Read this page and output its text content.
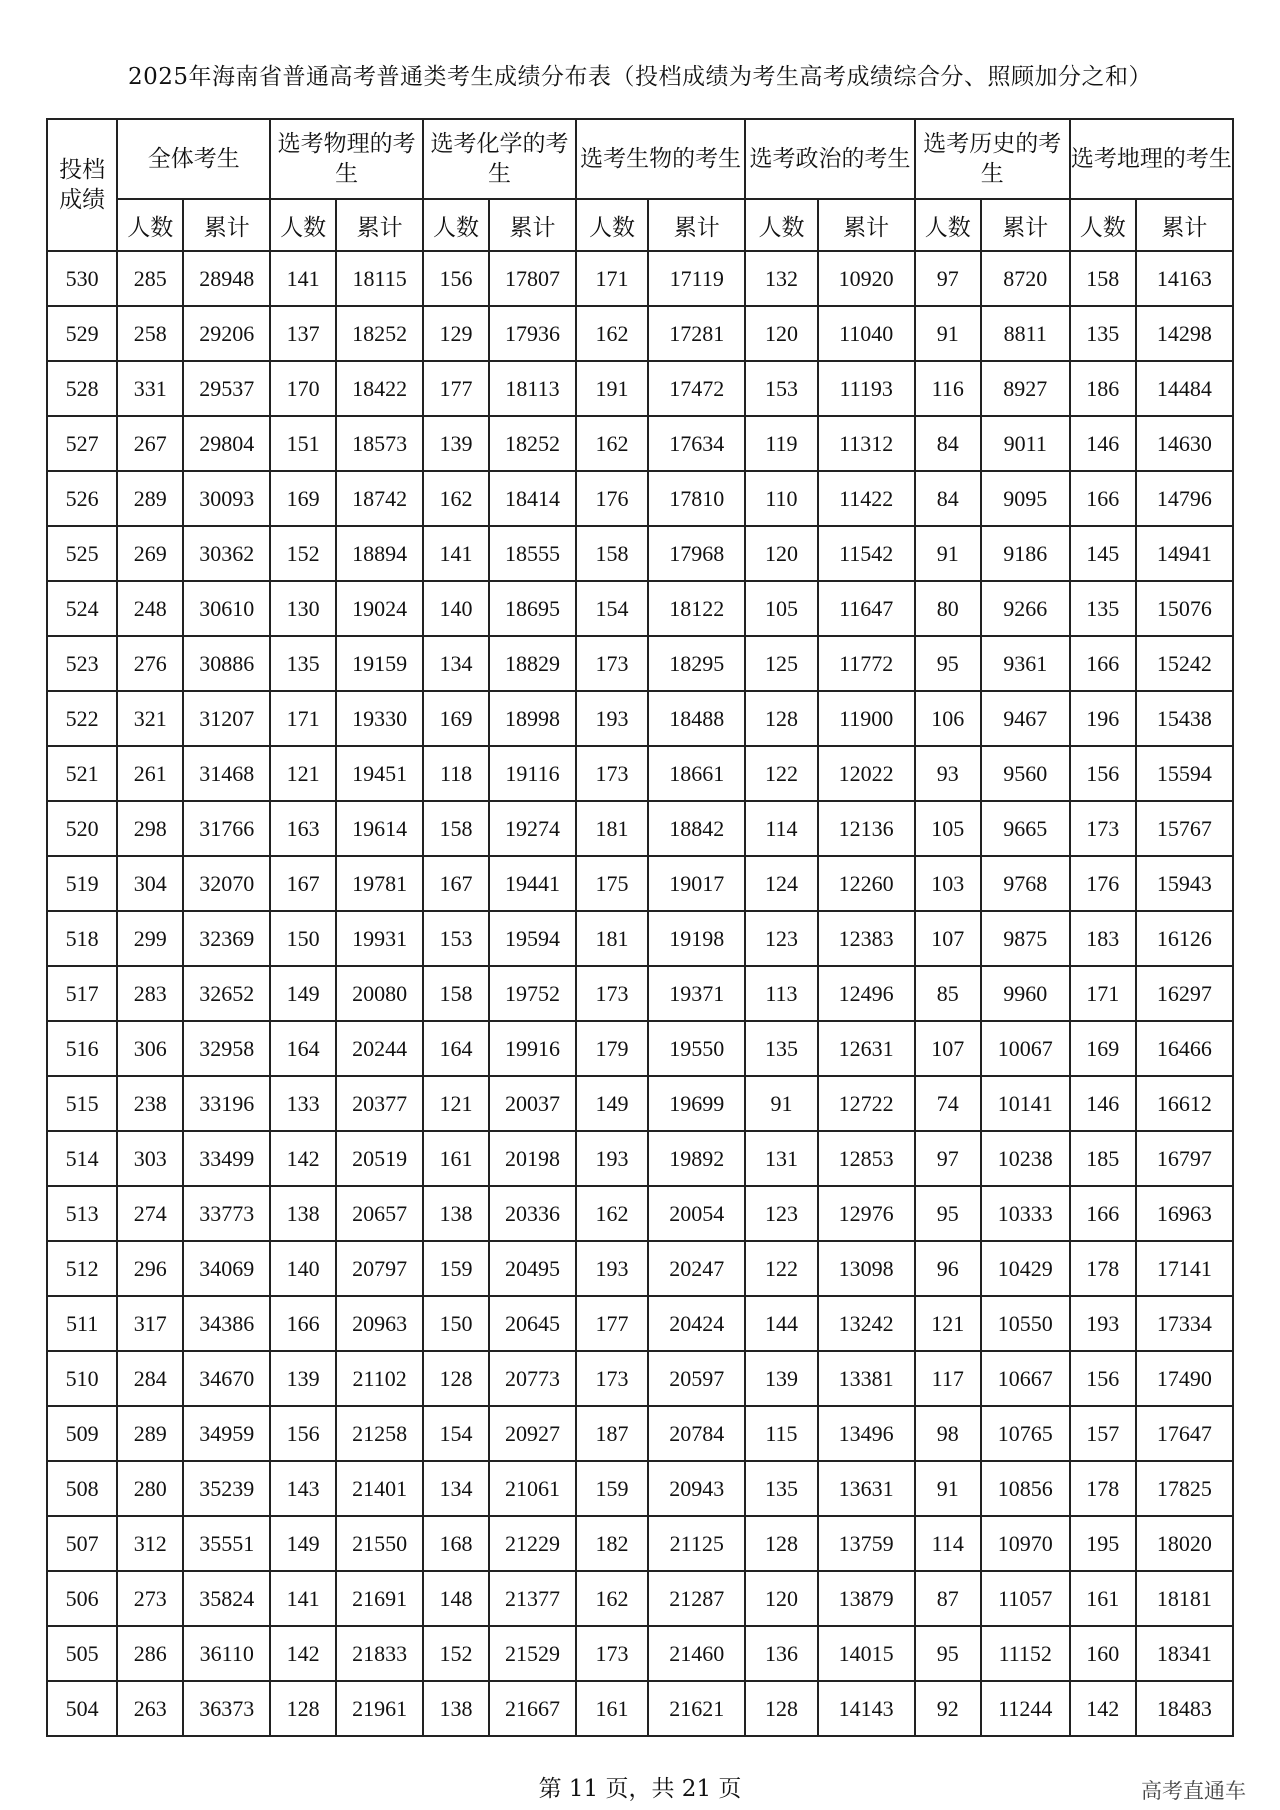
2025年海南省普通高考普通类考生成绩分布表（投档成绩为考生高考成绩综合分、照顾加分之和）
投档
成绩	全体考生		选考物理的考生		选考化学的考生		选考生物的考生		选考政治的考生		选考历史的考生		选考地理的考生	
	人数	累计	人数	累计	人数	累计	人数	累计	人数	累计	人数	累计	人数	累计
530	285	28948	141	18115	156	17807	171	17119	132	10920	97	8720	158	14163
529	258	29206	137	18252	129	17936	162	17281	120	11040	91	8811	135	14298
528	331	29537	170	18422	177	18113	191	17472	153	11193	116	8927	186	14484
527	267	29804	151	18573	139	18252	162	17634	119	11312	84	9011	146	14630
526	289	30093	169	18742	162	18414	176	17810	110	11422	84	9095	166	14796
525	269	30362	152	18894	141	18555	158	17968	120	11542	91	9186	145	14941
524	248	30610	130	19024	140	18695	154	18122	105	11647	80	9266	135	15076
523	276	30886	135	19159	134	18829	173	18295	125	11772	95	9361	166	15242
522	321	31207	171	19330	169	18998	193	18488	128	11900	106	9467	196	15438
521	261	31468	121	19451	118	19116	173	18661	122	12022	93	9560	156	15594
520	298	31766	163	19614	158	19274	181	18842	114	12136	105	9665	173	15767
519	304	32070	167	19781	167	19441	175	19017	124	12260	103	9768	176	15943
518	299	32369	150	19931	153	19594	181	19198	123	12383	107	9875	183	16126
517	283	32652	149	20080	158	19752	173	19371	113	12496	85	9960	171	16297
516	306	32958	164	20244	164	19916	179	19550	135	12631	107	10067	169	16466
515	238	33196	133	20377	121	20037	149	19699	91	12722	74	10141	146	16612
514	303	33499	142	20519	161	20198	193	19892	131	12853	97	10238	185	16797
513	274	33773	138	20657	138	20336	162	20054	123	12976	95	10333	166	16963
512	296	34069	140	20797	159	20495	193	20247	122	13098	96	10429	178	17141
511	317	34386	166	20963	150	20645	177	20424	144	13242	121	10550	193	17334
510	284	34670	139	21102	128	20773	173	20597	139	13381	117	10667	156	17490
509	289	34959	156	21258	154	20927	187	20784	115	13496	98	10765	157	17647
508	280	35239	143	21401	134	21061	159	20943	135	13631	91	10856	178	17825
507	312	35551	149	21550	168	21229	182	21125	128	13759	114	10970	195	18020
506	273	35824	141	21691	148	21377	162	21287	120	13879	87	11057	161	18181
505	286	36110	142	21833	152	21529	173	21460	136	14015	95	11152	160	18341
504	263	36373	128	21961	138	21667	161	21621	128	14143	92	11244	142	18483
第 11 页，共 21 页	高考直通车
